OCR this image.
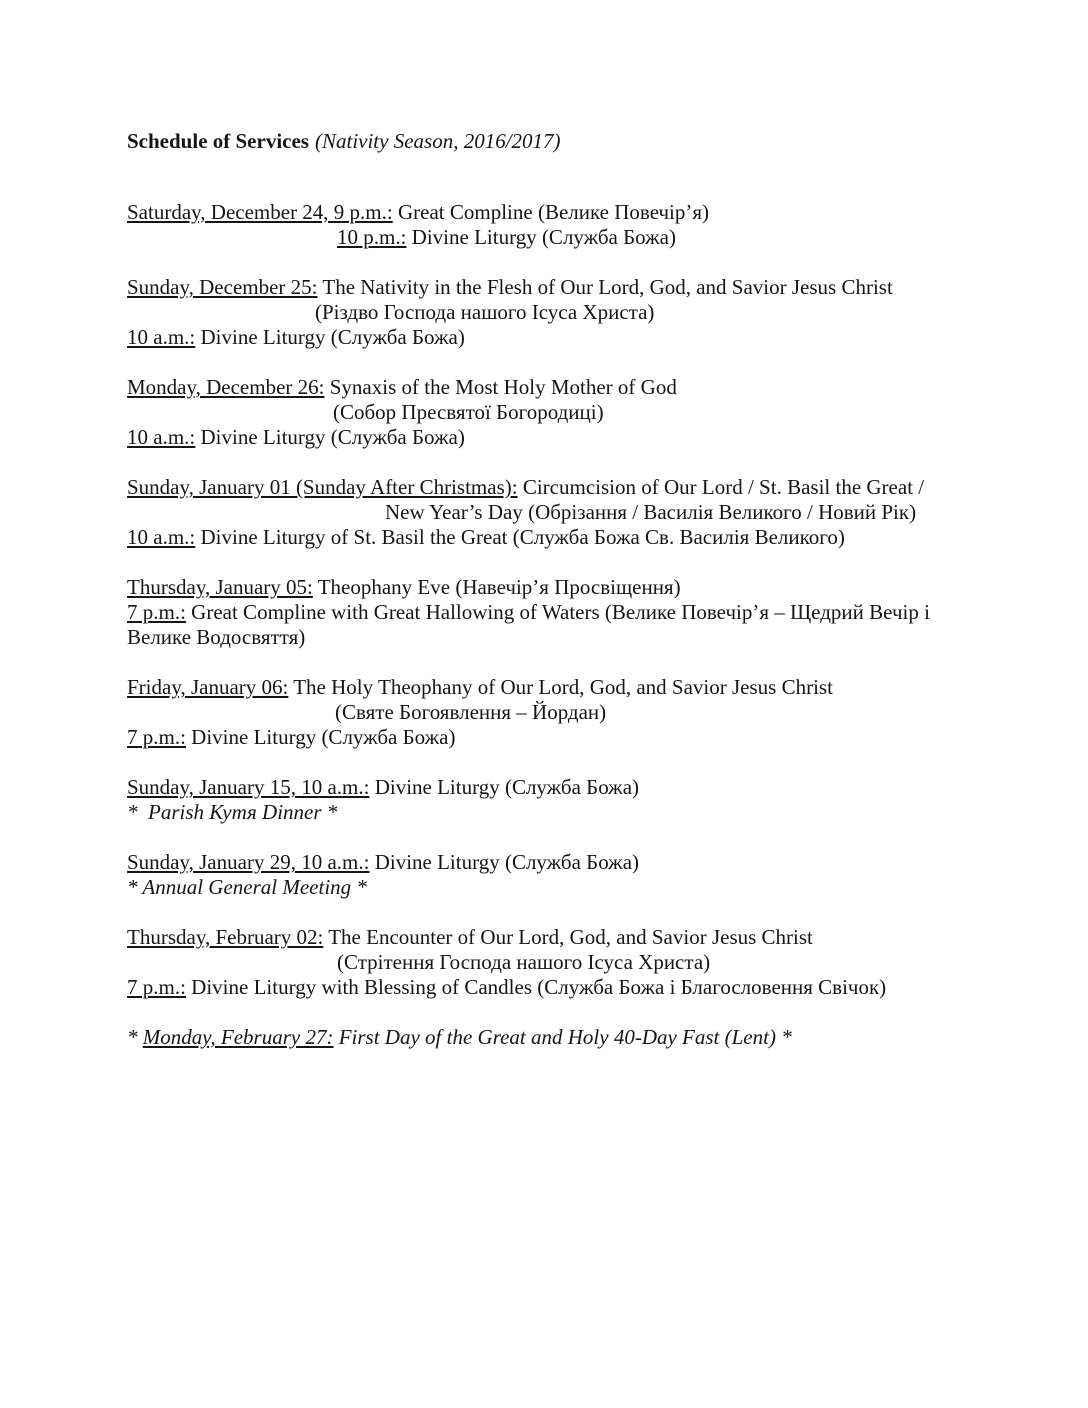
Schedule of Services (Nativity Season, 2016/2017)

Saturday, December 24, 9 p.m.: Great Compline (Велике Повечір’я)
10 p.m.: Divine Liturgy (Служба Божа)
Sunday, December 25: The Nativity in the Flesh of Our Lord, God, and Savior Jesus Christ
(Різдво Господа нашого Ісуса Христа)
10 a.m.: Divine Liturgy (Служба Божа)
Monday, December 26: Synaxis of the Most Holy Mother of God
(Собор Пресвятої Богородиці)
10 a.m.: Divine Liturgy (Служба Божа)
Sunday, January 01 (Sunday After Christmas): Circumcision of Our Lord / St. Basil the Great /
New Year’s Day (Обрізання / Василія Великого / Новий Рік)
10 a.m.: Divine Liturgy of St. Basil the Great (Служба Божа Св. Василія Великого)
Thursday, January 05: Theophany Eve (Навечір’я Просвіщення)
7 p.m.: Great Compline with Great Hallowing of Waters (Велике Повечір’я – Щедрий Вечір і
Велике Водосвяття)
Friday, January 06: The Holy Theophany of Our Lord, God, and Savior Jesus Christ
(Святе Богоявлення – Йордан)
7 p.m.: Divine Liturgy (Служба Божа)
Sunday, January 15, 10 a.m.: Divine Liturgy (Служба Божа)
*  Parish Кутя Dinner *
Sunday, January 29, 10 a.m.: Divine Liturgy (Служба Божа)
* Annual General Meeting *
Thursday, February 02: The Encounter of Our Lord, God, and Savior Jesus Christ
(Стрітення Господа нашого Ісуса Христа)
7 p.m.: Divine Liturgy with Blessing of Candles (Служба Божа і Благословення Свічок)
* Monday, February 27: First Day of the Great and Holy 40-Day Fast (Lent) *
